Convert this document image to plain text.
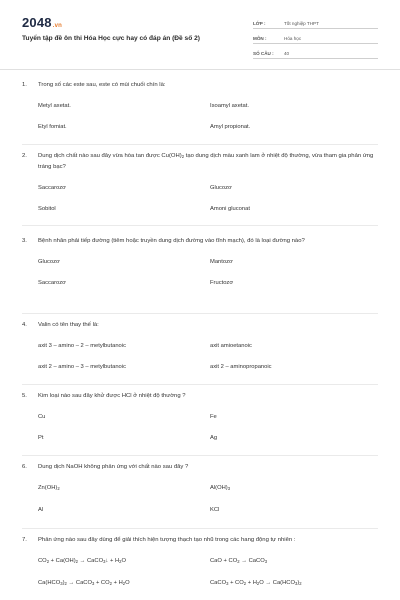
2048.vn
Tuyển tập đề ôn thi Hóa Học cực hay có đáp án (Đề số 2)
LỚP :	Tốt nghiệp THPT
MÔN :	Hóa học
SỐ CÂU :	40
1.	Trong số các este sau, este có mùi chuối chín là:
Metyl axetat.	Isoamyl axetat.
Etyl fomiat.	Amyl propionat.
2.	Dung dịch chất nào sau đây vừa hòa tan được $Cu(OH)_2$ tạo dung dịch màu xanh lam ở nhiệt độ thường, vừa tham gia phản ứng tráng bạc?
Saccarozơ	Glucozơ
Sobitol	Amoni gluconat
3.	Bệnh nhân phải tiếp đường (tiêm hoặc truyền dung dịch đường vào tĩnh mạch), đó là loại đường nào?
Glucozơ	Mantozơ
Saccarozơ	Fructozơ
4.	Valin có tên thay thế là:
axit 3 – amino – 2 – metylbutanoic	axit amioetanoic
axit 2 – amino – 3 – metylbutanoic	axit 2 – aminopropanoic
5.	Kim loại nào sau đây khử được HCl ở nhiệt độ thường ?
Cu	Fe
Pt	Ag
6.	Dung dịch NaOH không phản ứng với chất nào sau đây ?
$Zn(OH)_2$	$Al(OH)_3$
Al	KCl
7.	Phản ứng nào sau đây dùng để giải thích hiện tượng thạch tạo nhũ trong các hang động tự nhiên :
$CO_2 + Ca(OH)_2$ → CaCO$_3$↓ + $H_2O$	CaO + $CO_2$ → CaCO$_3$
$Ca(HCO_3)_2$ → CaCO$_3$ + $CO_2 + H_2O$	CaCO$_3$ + $CO_2 + H_2O \to Ca(HCO_3)_2$
